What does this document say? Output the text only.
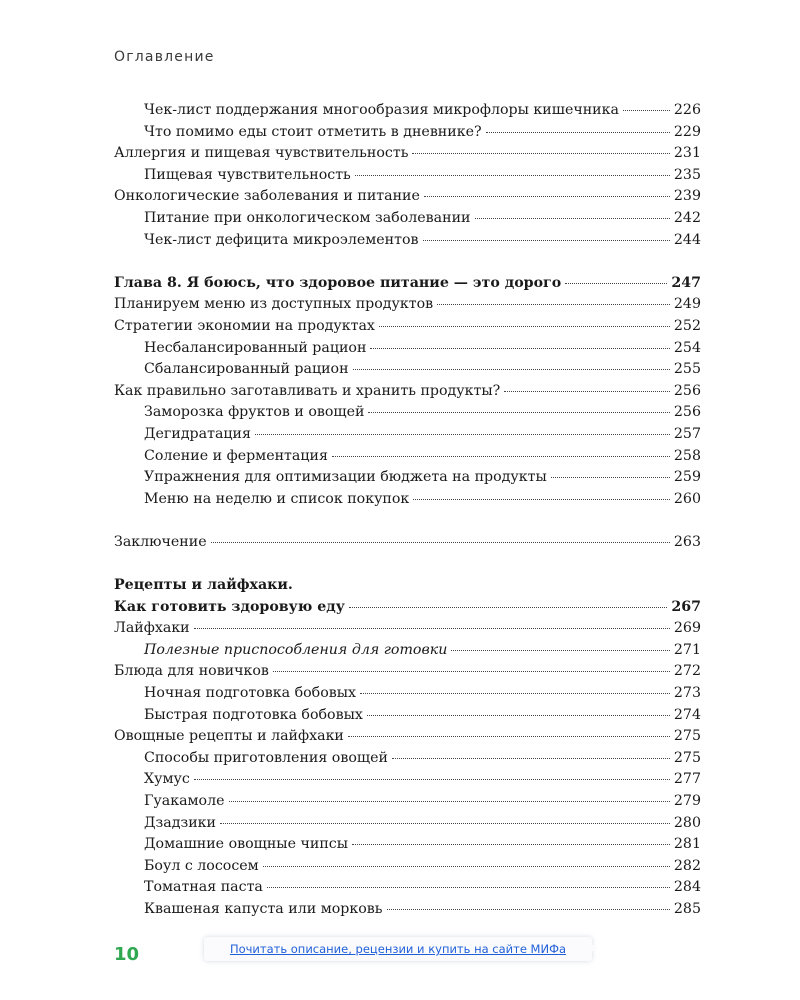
Оглавление
Чек-лист поддержания многообразия микрофлоры кишечника	226
Что помимо еды стоит отметить в дневнике?	229
Аллергия и пищевая чувствительность	231
Пищевая чувствительность	235
Онкологические заболевания и питание	239
Питание при онкологическом заболевании	242
Чек-лист дефицита микроэлементов	244
Глава 8. Я боюсь, что здоровое питание — это дорого	247
Планируем меню из доступных продуктов	249
Стратегии экономии на продуктах	252
Несбалансированный рацион	254
Сбалансированный рацион	255
Как правильно заготавливать и хранить продукты?	256
Заморозка фруктов и овощей	256
Дегидратация	257
Соление и ферментация	258
Упражнения для оптимизации бюджета на продукты	259
Меню на неделю и список покупок	260
Заключение	263
Рецепты и лайфхаки.
Как готовить здоровую еду	267
Лайфхаки	269
Полезные приспособления для готовки	271
Блюда для новичков	272
Ночная подготовка бобовых	273
Быстрая подготовка бобовых	274
Овощные рецепты и лайфхаки	275
Способы приготовления овощей	275
Хумус	277
Гуакамоле	279
Дзадзики	280
Домашние овощные чипсы	281
Боул с лососем	282
Томатная паста	284
Квашеная капуста или морковь	285
10	Почитать описание, рецензии и купить на сайте МИФа
